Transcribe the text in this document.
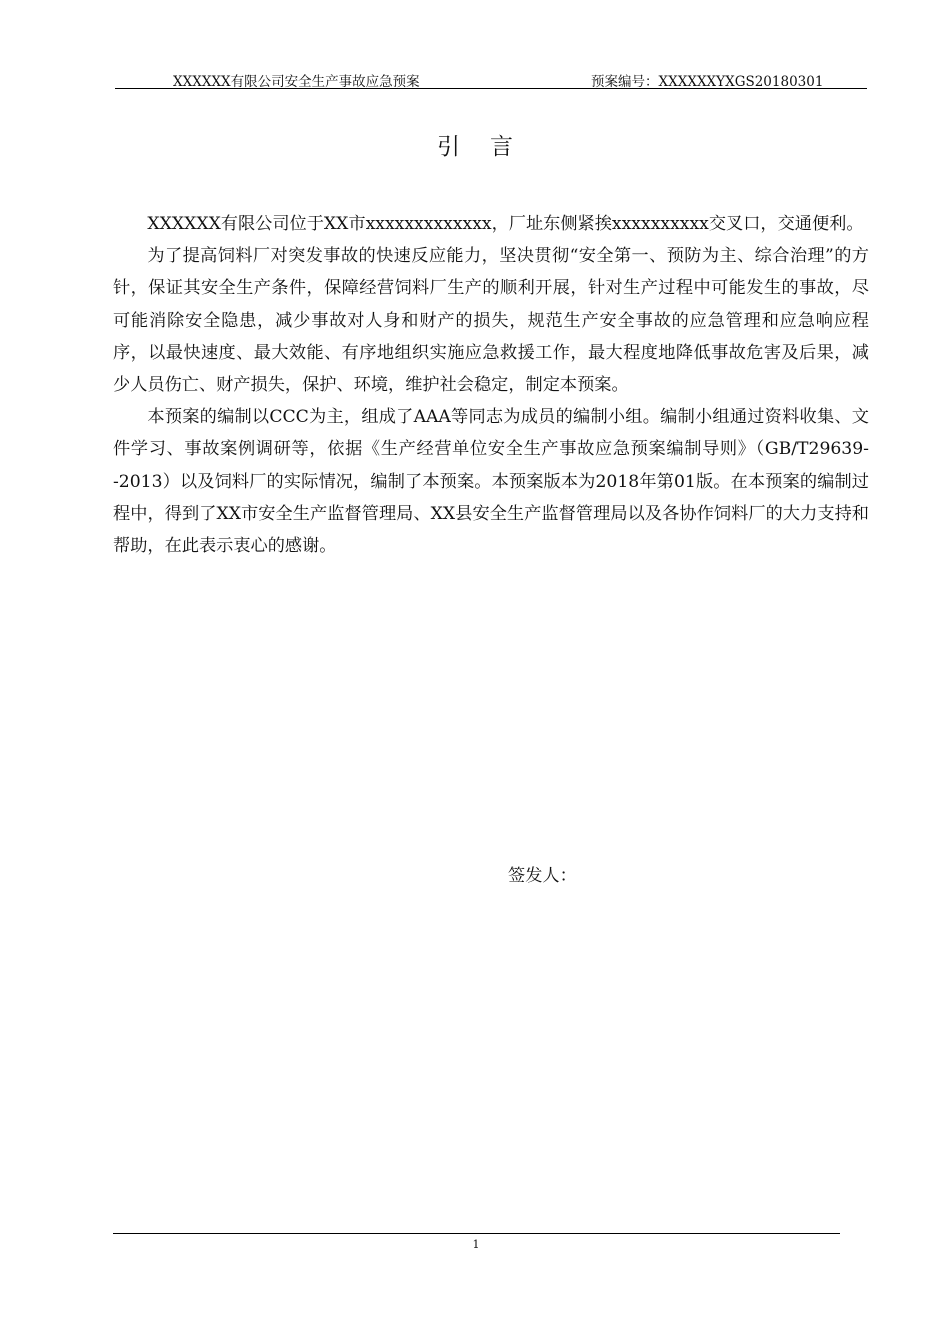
XXXXXX有限公司安全生产事故应急预案	预案编号：XXXXXXYXGS20180301
引言

XXXXXX有限公司位于XX市xxxxxxxxxxxxx，厂址东侧紧挨xxxxxxxxxx交叉口，交通便利。

为了提高饲料厂对突发事故的快速反应能力，坚决贯彻“安全第一、预防为主、综合治理”的方针，保证其安全生产条件，保障经营饲料厂生产的顺利开展，针对生产过程中可能发生的事故，尽可能消除安全隐患，减少事故对人身和财产的损失，规范生产安全事故的应急管理和应急响应程序，以最快速度、最大效能、有序地组织实施应急救援工作，最大程度地降低事故危害及后果，减少人员伤亡、财产损失，保护、环境，维护社会稳定，制定本预案。

本预案的编制以CCC为主，组成了AAA等同志为成员的编制小组。编制小组通过资料收集、文件学习、事故案例调研等，依据《生产经营单位安全生产事故应急预案编制导则》（GB/T29639--2013）以及饲料厂的实际情况，编制了本预案。本预案版本为2018年第01版。在本预案的编制过程中，得到了XX市安全生产监督管理局、XX县安全生产监督管理局以及各协作饲料厂的大力支持和帮助，在此表示衷心的感谢。

签发人：
1
